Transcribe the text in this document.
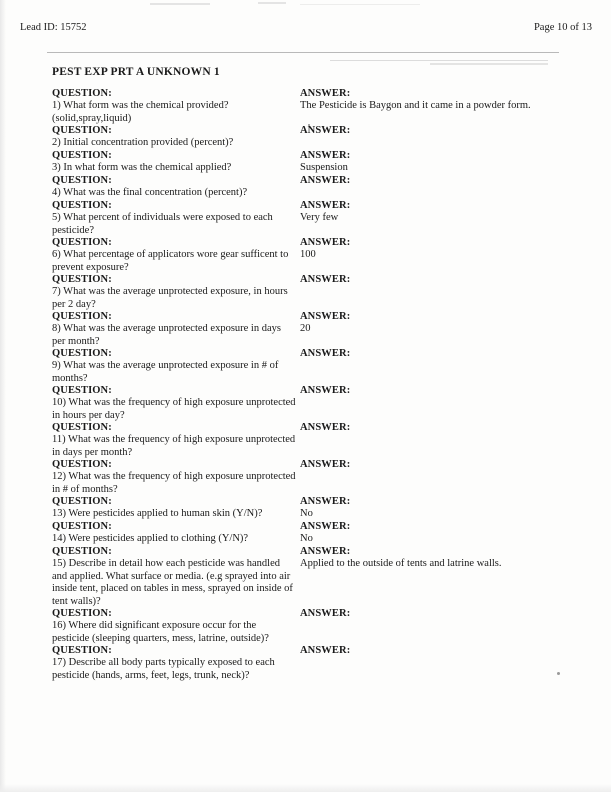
Lead ID: 15752	Page 10 of 13
PEST EXP PRT A UNKNOWN 1
QUESTION:
1) What form was the chemical provided?(solid,spray,liquid)
ANSWER:
The Pesticide is Baygon and it came in a powder form.
QUESTION:
2) Initial concentration provided (percent)?
ANSWER:
QUESTION:
3) In what form was the chemical applied?
ANSWER:
Suspension
QUESTION:
4) What was the final concentration (percent)?
ANSWER:
QUESTION:
5) What percent of individuals were exposed to each pesticide?
ANSWER:
Very few
QUESTION:
6) What percentage of applicators wore gear sufficent to prevent exposure?
ANSWER:
100
QUESTION:
7) What was the average unprotected exposure, in hours per 2 day?
ANSWER:
QUESTION:
8) What was the average unprotected exposure in days per month?
ANSWER:
20
QUESTION:
9) What was the average unprotected exposure in # of months?
ANSWER:
QUESTION:
10) What was the frequency of high exposure unprotected in hours per day?
ANSWER:
QUESTION:
11) What was the frequency of high exposure unprotected in days per month?
ANSWER:
QUESTION:
12) What was the frequency of high exposure unprotected in # of months?
ANSWER:
QUESTION:
13) Were pesticides applied to human skin (Y/N)?
ANSWER:
No
QUESTION:
14) Were pesticides applied to clothing (Y/N)?
ANSWER:
No
QUESTION:
15) Describe in detail how each pesticide was handled and applied. What surface or media. (e.g sprayed into air inside tent, placed on tables in mess, sprayed on inside of tent walls)?
ANSWER:
Applied to the outside of tents and latrine walls.
QUESTION:
16) Where did significant exposure occur for the pesticide (sleeping quarters, mess, latrine, outside)?
ANSWER:
QUESTION:
17) Describe all body parts typically exposed to each pesticide (hands, arms, feet, legs, trunk, neck)?
ANSWER:
